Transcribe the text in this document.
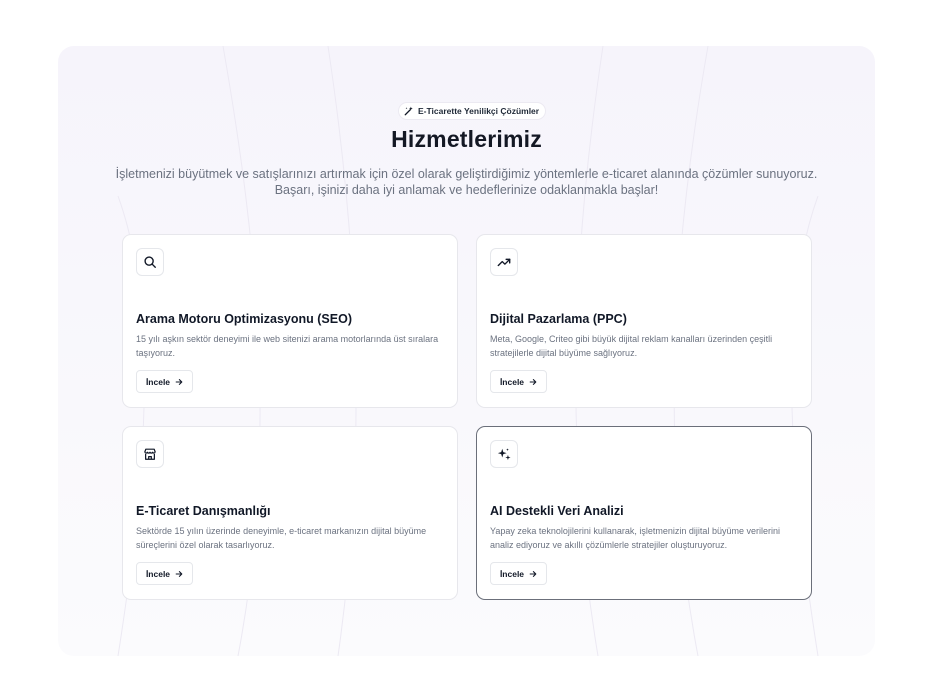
E-Ticarette Yenilikçi Çözümler
Hizmetlerimiz

İşletmenizi büyütmek ve satışlarınızı artırmak için özel olarak geliştirdiğimiz yöntemlerle e-ticaret alanında çözümler sunuyoruz.
Başarı, işinizi daha iyi anlamak ve hedeflerinize odaklanmakla başlar!

Arama Motoru Optimizasyonu (SEO)
15 yılı aşkın sektör deneyimi ile web sitenizi arama motorlarında üst sıralara taşıyoruz.
İncele
Dijital Pazarlama (PPC)
Meta, Google, Criteo gibi büyük dijital reklam kanalları üzerinden çeşitli stratejilerle dijital büyüme sağlıyoruz.
İncele
E-Ticaret Danışmanlığı
Sektörde 15 yılın üzerinde deneyimle, e-ticaret markanızın dijital büyüme süreçlerini özel olarak tasarlıyoruz.
İncele
AI Destekli Veri Analizi
Yapay zeka teknolojilerini kullanarak, işletmenizin dijital büyüme verilerini analiz ediyoruz ve akıllı çözümlerle stratejiler oluşturuyoruz.
İncele
